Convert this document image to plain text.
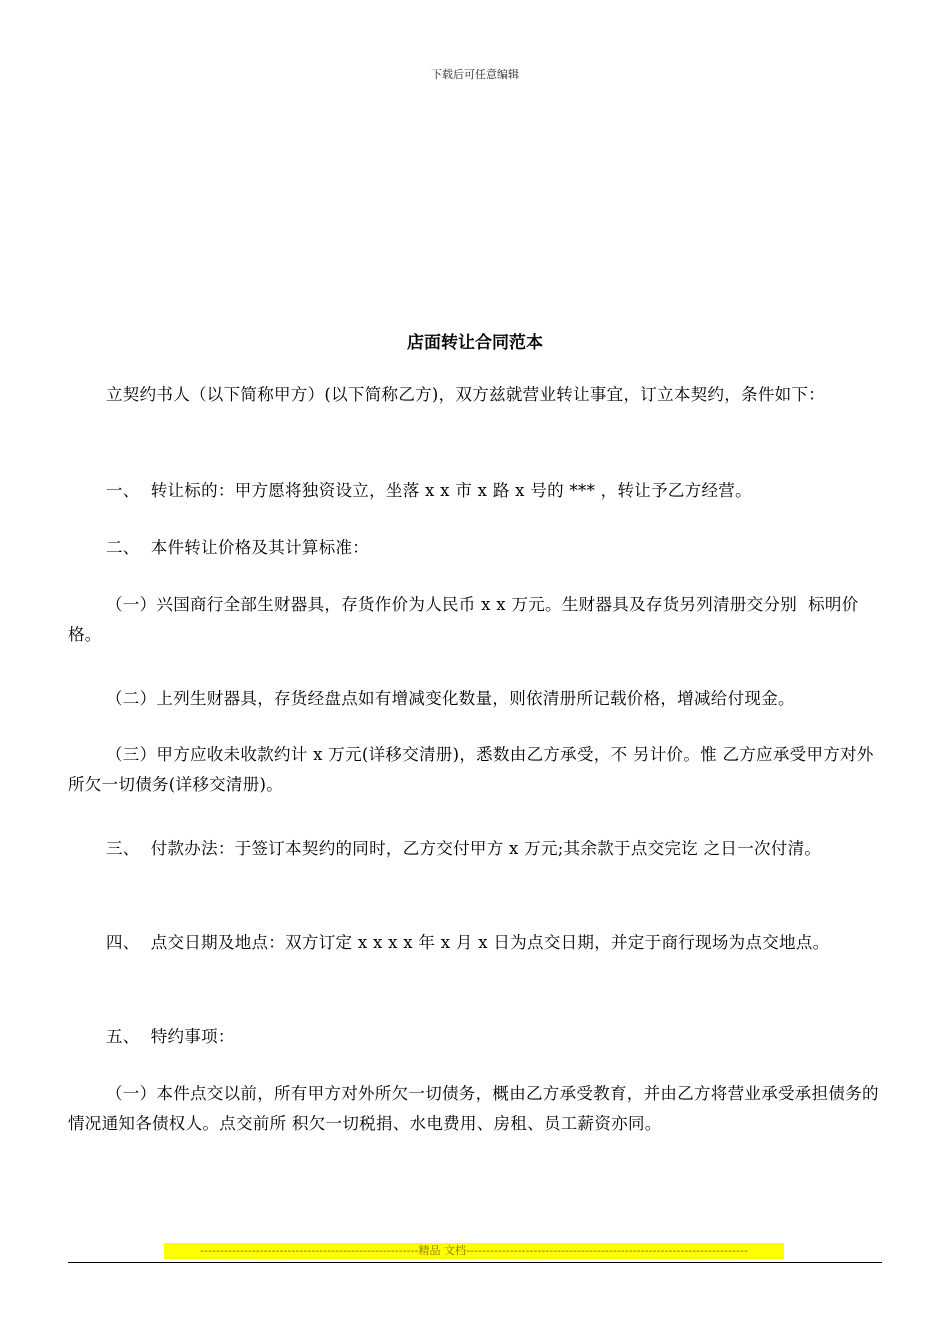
下载后可任意编辑
店面转让合同范本

立契约书人（以下简称甲方）(以下简称乙方)，双方兹就营业转让事宜，订立本契约，条件如下：

一、  转让标的：甲方愿将独资设立，坐落 x x 市 x 路 x 号的 *** ，转让予乙方经营。

二、  本件转让价格及其计算标准：

（一）兴国商行全部生财器具，存货作价为人民币 x x 万元。生财器具及存货另列清册交分别  标明价格。

（二）上列生财器具，存货经盘点如有增减变化数量，则依清册所记载价格，增减给付现金。

（三）甲方应收未收款约计 x 万元(详移交清册)，悉数由乙方承受，不 另计价。惟 乙方应承受甲方对外所欠一切债务(详移交清册)。

三、  付款办法：于签订本契约的同时，乙方交付甲方 x 万元;其余款于点交完讫 之日一次付清。

四、  点交日期及地点：双方订定 x x x x 年 x 月 x 日为点交日期，并定于商行现场为点交地点。

五、  特约事项：

（一）本件点交以前，所有甲方对外所欠一切债务，概由乙方承受教育，并由乙方将营业承受承担债务的情况通知各债权人。点交前所 积欠一切税捐、水电费用、房租、员工薪资亦同。

-------------------------------------------------------精品 文档-----------------------------------------------------------------------
